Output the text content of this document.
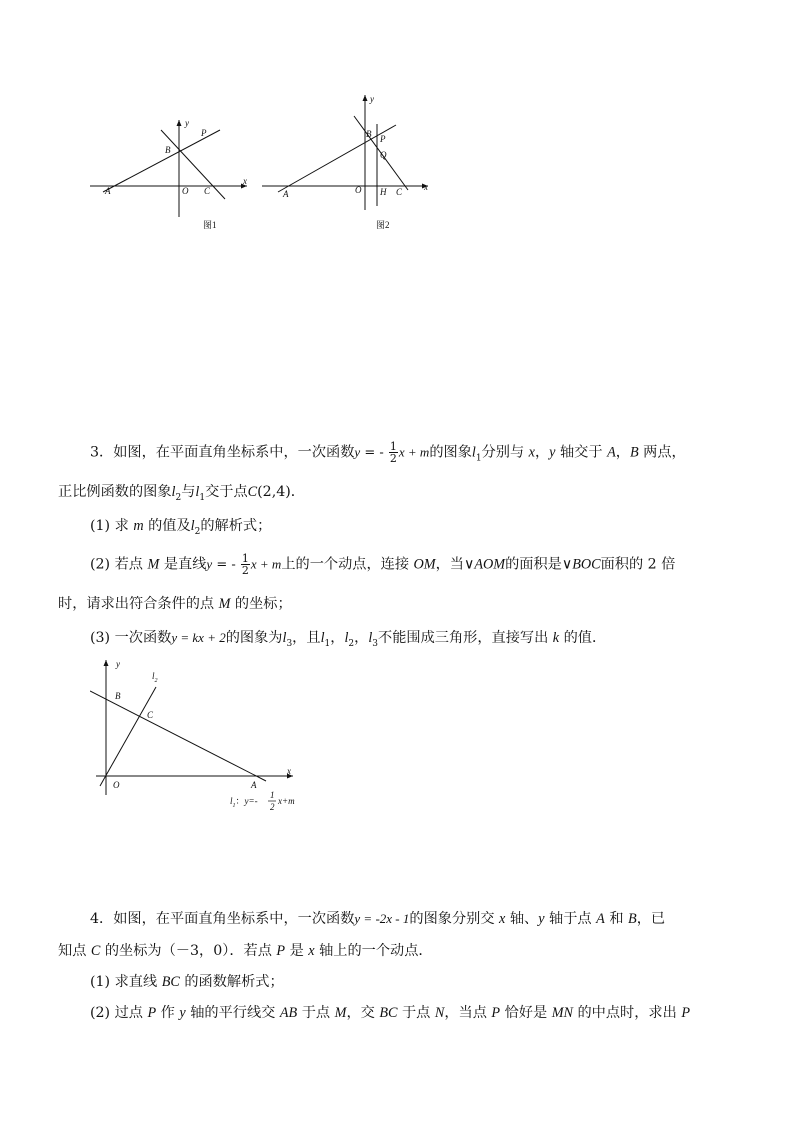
y
x
A
B
O C
P
图1
y
x
A
B
O	C
P
Q
H
图2
3．如图，在平面直角坐标系中，一次函数y = - $\frac{1}{2}$ x + m的图象$l_1$分别与 x，y 轴交于 A，B 两点，
正比例函数的图象$l_2$与$l_1$交于点C(2,4)．
(1) 求 m 的值及$l_2$的解析式；
(2) 若点 M 是直线y = - $\frac{1}{2}$ x + m上的一个动点，连接 OM，当∨AOM的面积是∨BOC面积的 2 倍
时，请求出符合条件的点 M 的坐标；
(3) 一次函数y = kx + 2的图象为$l_3$，且$l_1$，$l_2$，$l_3$不能围成三角形，直接写出 k 的值．
y
x
O	A
B
C
$l_2$
$l_1$：y=-
1
2
x+m
4．如图，在平面直角坐标系中，一次函数y = -2x - 1的图象分别交 x 轴、y 轴于点 A 和 B，已
知点 C 的坐标为（－3，0）．若点 P 是 x 轴上的一个动点．
(1) 求直线 BC 的函数解析式；
(2) 过点 P 作 y 轴的平行线交 AB 于点 M，交 BC 于点 N，当点 P 恰好是 MN 的中点时，求出 P
